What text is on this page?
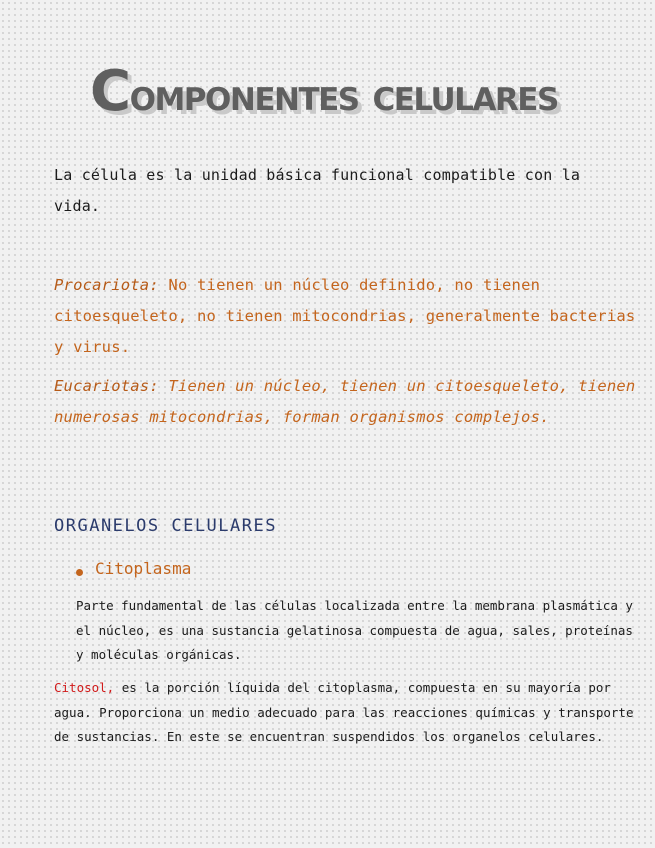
Componentes celulares

La célula es la unidad básica funcional compatible con la vida.

Procariota: No tienen un núcleo definido, no tienen citoesqueleto, no tienen mitocondrias, generalmente bacterias y virus.

Eucariotas: Tienen un núcleo, tienen un citoesqueleto, tienen numerosas mitocondrias, forman organismos complejos.

ORGANELOS CELULARES
Citoplasma

Parte fundamental de las células localizada entre la membrana plasmática y el núcleo, es una sustancia gelatinosa compuesta de agua, sales, proteínas y moléculas orgánicas.

Citosol, es la porción líquida del citoplasma, compuesta en su mayoría por agua. Proporciona un medio adecuado para las reacciones químicas y transporte de sustancias. En este se encuentran suspendidos los organelos celulares.
